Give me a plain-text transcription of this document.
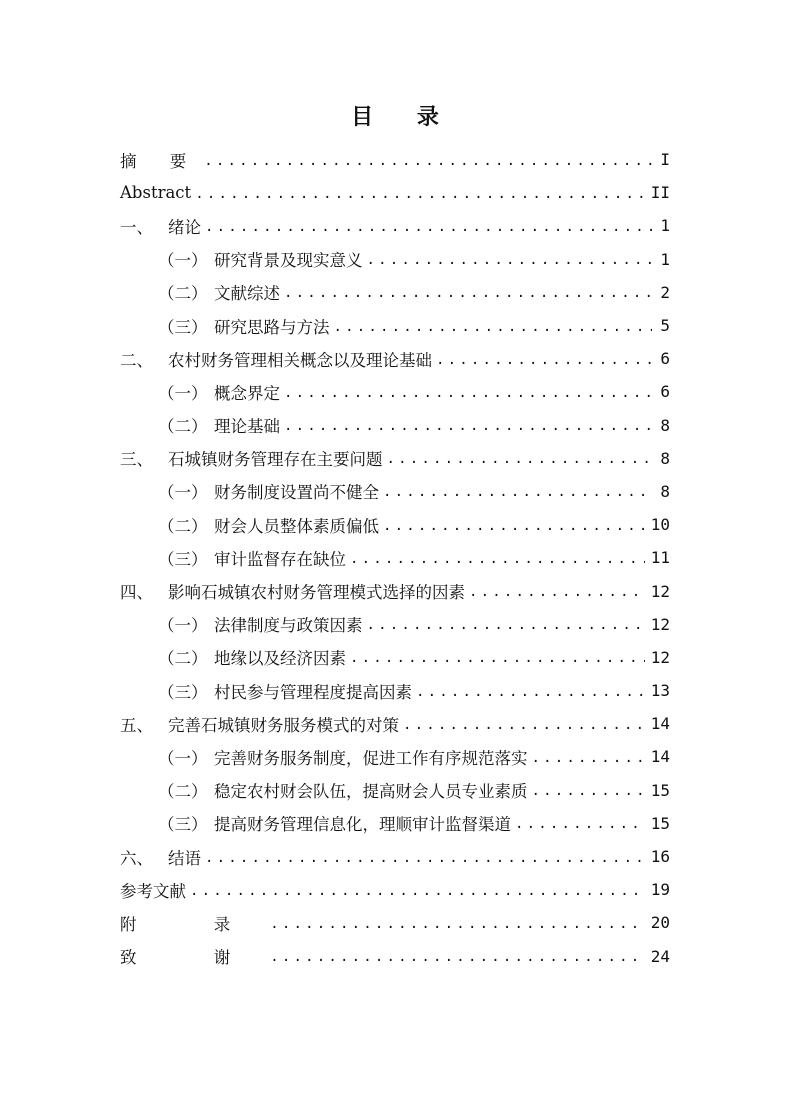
目 录
摘 要 .....	I
Abstract .....	II
一、 绪论 .....	1
（一） 研究背景及现实意义 .....	1
（二） 文献综述 .....	2
（三） 研究思路与方法 .....	5
二、 农村财务管理相关概念以及理论基础 .....	6
（一） 概念界定 .....	6
（二） 理论基础 .....	8
三、 石城镇财务管理存在主要问题 .....	8
（一） 财务制度设置尚不健全 .....	8
（二） 财会人员整体素质偏低 .....	10
（三） 审计监督存在缺位 .....	11
四、 影响石城镇农村财务管理模式选择的因素 .....	12
（一） 法律制度与政策因素 .....	12
（二） 地缘以及经济因素 .....	12
（三） 村民参与管理程度提高因素 .....	13
五、 完善石城镇财务服务模式的对策 .....	14
（一） 完善财务服务制度，促进工作有序规范落实 .....	14
（二） 稳定农村财会队伍，提高财会人员专业素质 .....	15
（三） 提高财务管理信息化，理顺审计监督渠道 .....	15
六、 结语 .....	16
参考文献 .....	19
附 录 .....	20
致 谢 .....	24
